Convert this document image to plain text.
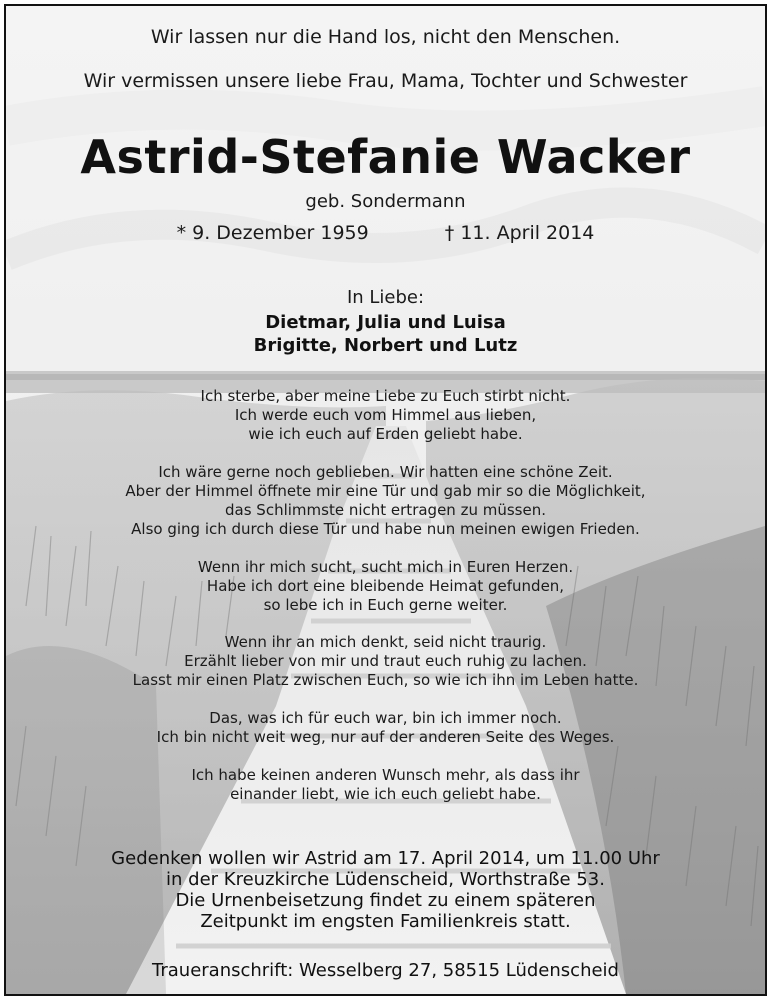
Wir lassen nur die Hand los, nicht den Menschen.
Wir vermissen unsere liebe Frau, Mama, Tochter und Schwester
Astrid-Stefanie Wacker
geb. Sondermann
* 9. Dezember 1959	† 11. April 2014
In Liebe:
Dietmar, Julia und Luisa
Brigitte, Norbert und Lutz
Ich sterbe, aber meine Liebe zu Euch stirbt nicht.
Ich werde euch vom Himmel aus lieben,
wie ich euch auf Erden geliebt habe.
Ich wäre gerne noch geblieben. Wir hatten eine schöne Zeit.
Aber der Himmel öffnete mir eine Tür und gab mir so die Möglichkeit,
das Schlimmste nicht ertragen zu müssen.
Also ging ich durch diese Tür und habe nun meinen ewigen Frieden.
Wenn ihr mich sucht, sucht mich in Euren Herzen.
Habe ich dort eine bleibende Heimat gefunden,
so lebe ich in Euch gerne weiter.
Wenn ihr an mich denkt, seid nicht traurig.
Erzählt lieber von mir und traut euch ruhig zu lachen.
Lasst mir einen Platz zwischen Euch, so wie ich ihn im Leben hatte.
Das, was ich für euch war, bin ich immer noch.
Ich bin nicht weit weg, nur auf der anderen Seite des Weges.
Ich habe keinen anderen Wunsch mehr, als dass ihr
einander liebt, wie ich euch geliebt habe.
Gedenken wollen wir Astrid am 17. April 2014, um 11.00 Uhr
in der Kreuzkirche Lüdenscheid, Worthstraße 53.
Die Urnenbeisetzung findet zu einem späteren
Zeitpunkt im engsten Familienkreis statt.
Traueranschrift: Wesselberg 27, 58515 Lüdenscheid
